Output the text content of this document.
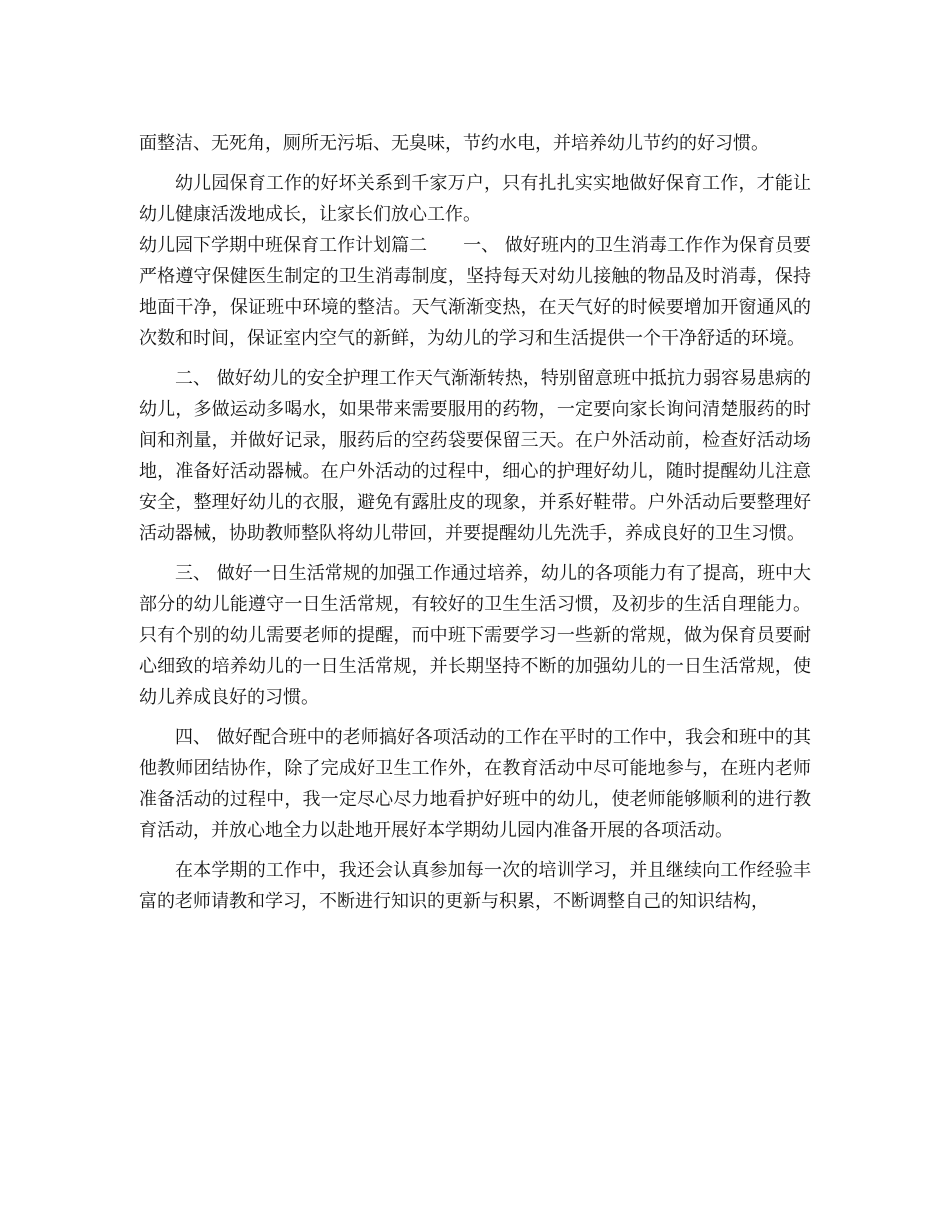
面整洁、无死角，厕所无污垢、无臭味，节约水电，并培养幼儿节约的好习惯。

幼儿园保育工作的好坏关系到千家万户，只有扎扎实实地做好保育工作，才能让幼儿健康活泼地成长，让家长们放心工作。

幼儿园下学期中班保育工作计划篇二　　一、 做好班内的卫生消毒工作作为保育员要严格遵守保健医生制定的卫生消毒制度，坚持每天对幼儿接触的物品及时消毒，保持地面干净，保证班中环境的整洁。天气渐渐变热，在天气好的时候要增加开窗通风的次数和时间，保证室内空气的新鲜，为幼儿的学习和生活提供一个干净舒适的环境。

二、 做好幼儿的安全护理工作天气渐渐转热，特别留意班中抵抗力弱容易患病的幼儿，多做运动多喝水，如果带来需要服用的药物，一定要向家长询问清楚服药的时间和剂量，并做好记录，服药后的空药袋要保留三天。在户外活动前，检查好活动场地，准备好活动器械。在户外活动的过程中，细心的护理好幼儿，随时提醒幼儿注意安全，整理好幼儿的衣服，避免有露肚皮的现象，并系好鞋带。户外活动后要整理好活动器械，协助教师整队将幼儿带回，并要提醒幼儿先洗手，养成良好的卫生习惯。

三、 做好一日生活常规的加强工作通过培养，幼儿的各项能力有了提高，班中大部分的幼儿能遵守一日生活常规，有较好的卫生生活习惯，及初步的生活自理能力。只有个别的幼儿需要老师的提醒，而中班下需要学习一些新的常规，做为保育员要耐心细致的培养幼儿的一日生活常规，并长期坚持不断的加强幼儿的一日生活常规，使幼儿养成良好的习惯。

四、 做好配合班中的老师搞好各项活动的工作在平时的工作中，我会和班中的其他教师团结协作，除了完成好卫生工作外，在教育活动中尽可能地参与，在班内老师准备活动的过程中，我一定尽心尽力地看护好班中的幼儿，使老师能够顺利的进行教育活动，并放心地全力以赴地开展好本学期幼儿园内准备开展的各项活动。

在本学期的工作中，我还会认真参加每一次的培训学习，并且继续向工作经验丰富的老师请教和学习，不断进行知识的更新与积累，不断调整自己的知识结构，
